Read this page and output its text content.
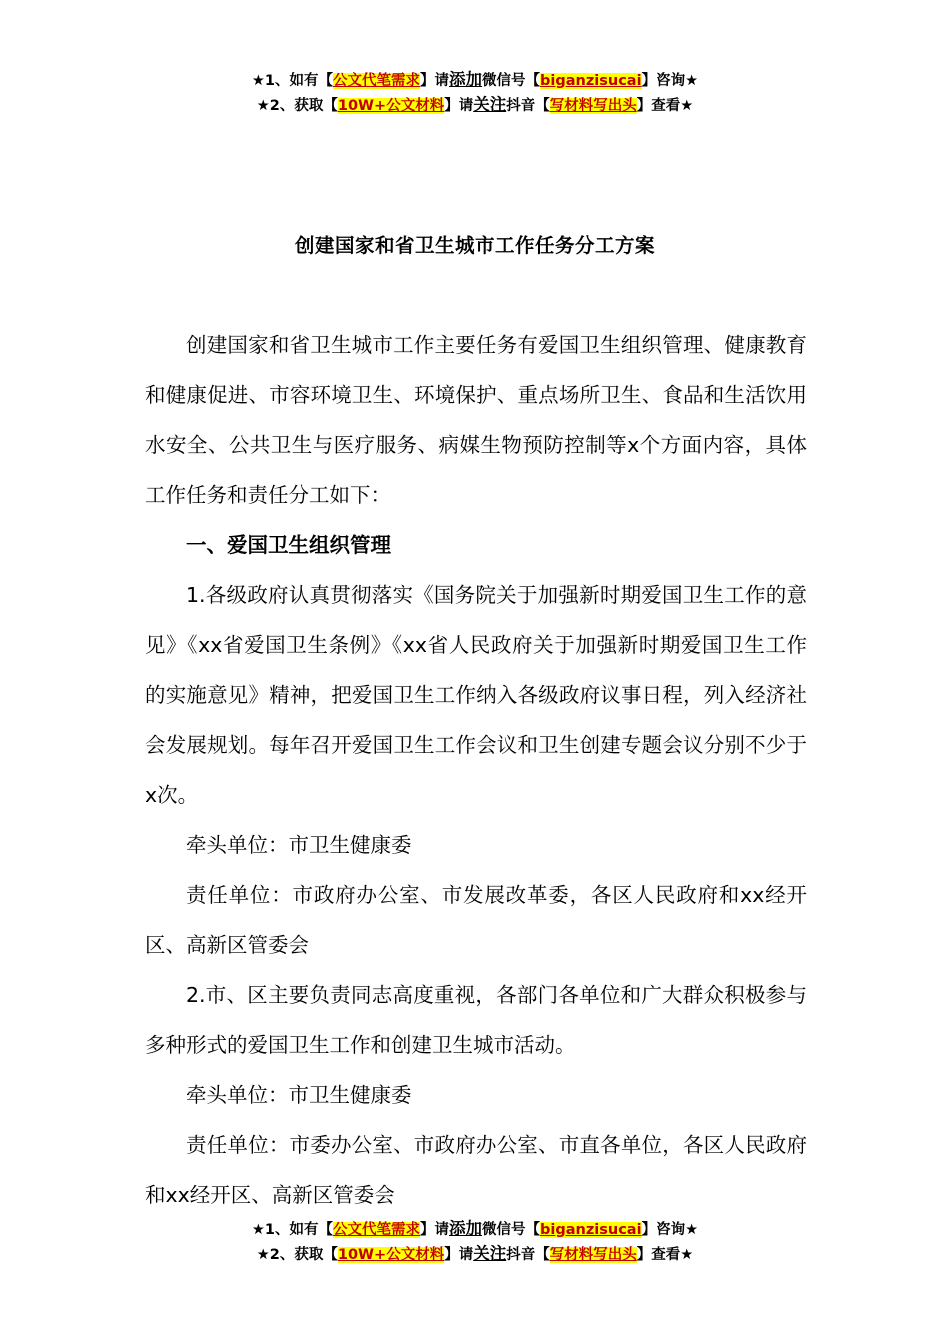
★1、如有【公文代笔需求】请添加微信号【biganzisucai】咨询★
★2、获取【10W+公文材料】请关注抖音【写材料写出头】查看★
创建国家和省卫生城市工作任务分工方案

创建国家和省卫生城市工作主要任务有爱国卫生组织管理、健康教育和健康促进、市容环境卫生、环境保护、重点场所卫生、食品和生活饮用水安全、公共卫生与医疗服务、病媒生物预防控制等x个方面内容，具体工作任务和责任分工如下：

一、爱国卫生组织管理

1.各级政府认真贯彻落实《国务院关于加强新时期爱国卫生工作的意见》《xx省爱国卫生条例》《xx省人民政府关于加强新时期爱国卫生工作的实施意见》精神，把爱国卫生工作纳入各级政府议事日程，列入经济社会发展规划。每年召开爱国卫生工作会议和卫生创建专题会议分别不少于x次。

牵头单位：市卫生健康委

责任单位：市政府办公室、市发展改革委，各区人民政府和xx经开区、高新区管委会

2.市、区主要负责同志高度重视，各部门各单位和广大群众积极参与多种形式的爱国卫生工作和创建卫生城市活动。

牵头单位：市卫生健康委

责任单位：市委办公室、市政府办公室、市直各单位，各区人民政府和xx经开区、高新区管委会

★1、如有【公文代笔需求】请添加微信号【biganzisucai】咨询★
★2、获取【10W+公文材料】请关注抖音【写材料写出头】查看★
